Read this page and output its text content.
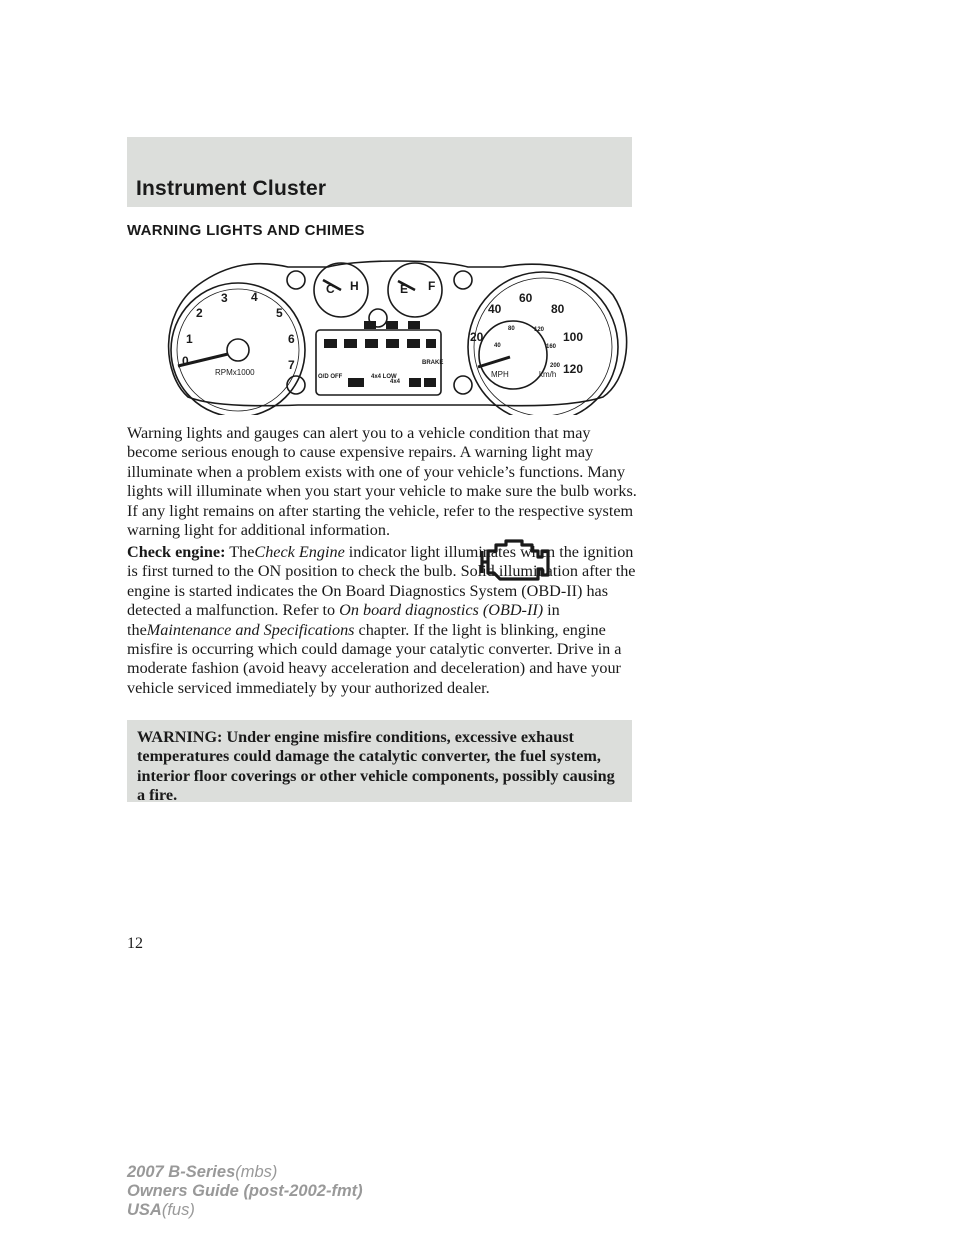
Instrument Cluster
WARNING LIGHTS AND CHIMES
0
1
2
3 4
5
6
7
C H	E F
20
40
60
80
100
120
40
80	120
160
200
O/D OFF	4x4 LOW
4x4
BRAKE
RPMx1000	MPH	km/h
Warning lights and gauges can alert you to a vehicle condition that may become serious enough to cause expensive repairs. A warning light may illuminate when a problem exists with one of your vehicle’s functions. Many lights will illuminate when you start your vehicle to make sure the bulb works. If any light remains on after starting the vehicle, refer to the respective system warning light for additional information.
Check engine: TheCheck Engine indicator light illuminates when the ignition is first turned to the ON position to check the bulb. Solid illumination after the engine is started indicates the On Board Diagnostics System (OBD-II) has detected a malfunction. Refer to On board diagnostics (OBD-II) in theMaintenance and Specifications chapter. If the light is blinking, engine misfire is occurring which could damage your catalytic converter. Drive in a moderate fashion (avoid heavy acceleration and deceleration) and have your vehicle serviced immediately by your authorized dealer.
WARNING: Under engine misfire conditions, excessive exhaust temperatures could damage the catalytic converter, the fuel system, interior floor coverings or other vehicle components, possibly causing a fire.
12
2007 B-Series(mbs)
Owners Guide (post-2002-fmt)
USA(fus)
